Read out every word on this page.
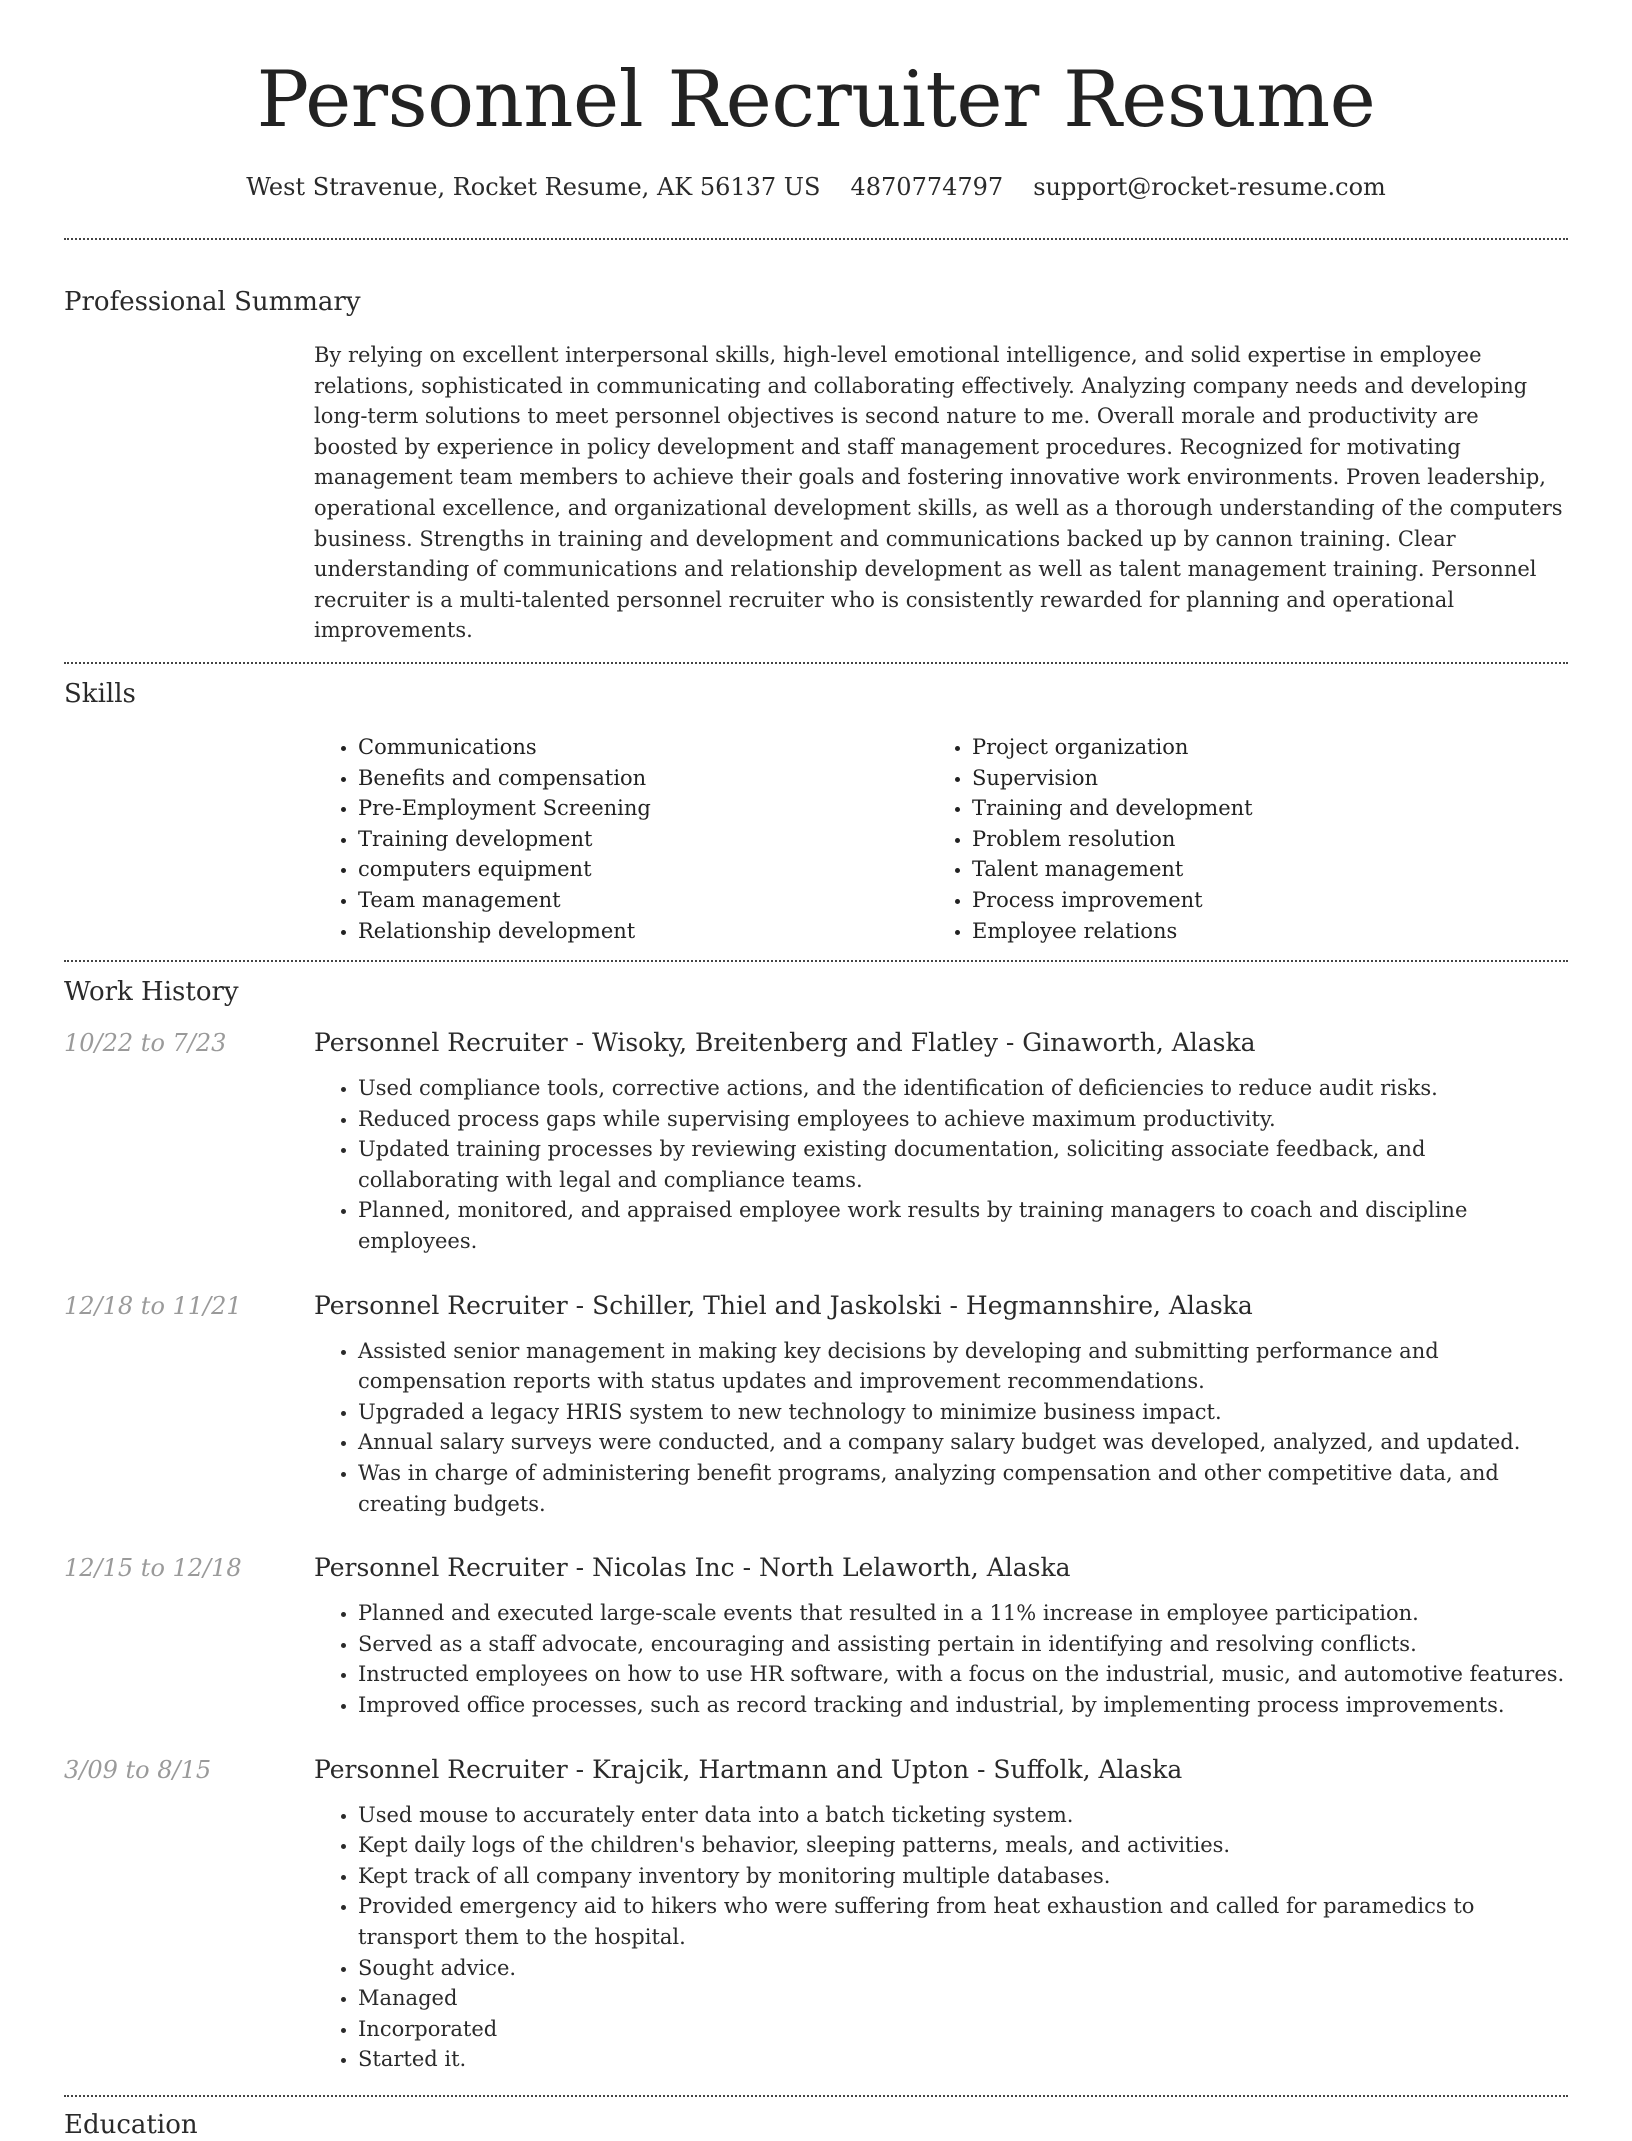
Personnel Recruiter Resume
West Stravenue, Rocket Resume, AK 56137 US 4870774797 support@rocket-resume.com
Professional Summary
By relying on excellent interpersonal skills, high-level emotional intelligence, and solid expertise in employee relations, sophisticated in communicating and collaborating effectively. Analyzing company needs and developing long-term solutions to meet personnel objectives is second nature to me. Overall morale and productivity are boosted by experience in policy development and staff management procedures. Recognized for motivating management team members to achieve their goals and fostering innovative work environments. Proven leadership, operational excellence, and organizational development skills, as well as a thorough understanding of the computers business. Strengths in training and development and communications backed up by cannon training. Clear understanding of communications and relationship development as well as talent management training. Personnel recruiter is a multi-talented personnel recruiter who is consistently rewarded for planning and operational improvements.
Skills
• Communications
• Benefits and compensation
• Pre-Employment Screening
• Training development
• computers equipment
• Team management
• Relationship development
• Project organization
• Supervision
• Training and development
• Problem resolution
• Talent management
• Process improvement
• Employee relations
Work History
10/22 to 7/23	Personnel Recruiter - Wisoky, Breitenberg and Flatley - Ginaworth, Alaska
• Used compliance tools, corrective actions, and the identification of deficiencies to reduce audit risks.
• Reduced process gaps while supervising employees to achieve maximum productivity.
• Updated training processes by reviewing existing documentation, soliciting associate feedback, and collaborating with legal and compliance teams.
• Planned, monitored, and appraised employee work results by training managers to coach and discipline employees.
12/18 to 11/21	Personnel Recruiter - Schiller, Thiel and Jaskolski - Hegmannshire, Alaska
• Assisted senior management in making key decisions by developing and submitting performance and compensation reports with status updates and improvement recommendations.
• Upgraded a legacy HRIS system to new technology to minimize business impact.
• Annual salary surveys were conducted, and a company salary budget was developed, analyzed, and updated.
• Was in charge of administering benefit programs, analyzing compensation and other competitive data, and creating budgets.
12/15 to 12/18	Personnel Recruiter - Nicolas Inc - North Lelaworth, Alaska
• Planned and executed large-scale events that resulted in a 11% increase in employee participation.
• Served as a staff advocate, encouraging and assisting pertain in identifying and resolving conflicts.
• Instructed employees on how to use HR software, with a focus on the industrial, music, and automotive features.
• Improved office processes, such as record tracking and industrial, by implementing process improvements.
3/09 to 8/15	Personnel Recruiter - Krajcik, Hartmann and Upton - Suffolk, Alaska
• Used mouse to accurately enter data into a batch ticketing system.
• Kept daily logs of the children's behavior, sleeping patterns, meals, and activities.
• Kept track of all company inventory by monitoring multiple databases.
• Provided emergency aid to hikers who were suffering from heat exhaustion and called for paramedics to transport them to the hospital.
• Sought advice.
• Managed
• Incorporated
• Started it.
Education
